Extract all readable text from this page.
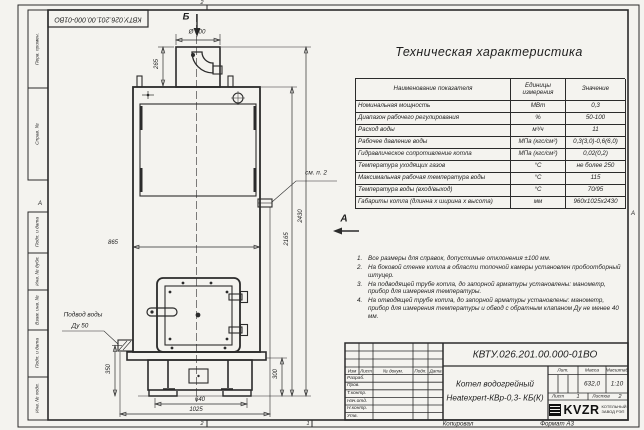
КВТУ.026.201.00.000-01ВО
Перв. примен.
Справ. №
Подп. и дата
Инв. № дубл.
Взам. инв. №
Подп. и дата
Инв. № подл.
2
2	1
А
А
Копировал	Формат А3
Б
Ø 300
265
865
350
640
1025
300
2165
2430
см. п. 2
Подвод воды
Ду 50
А
Техническая характеристика
Наименование показателя	Единицы измерения	Значение
Номинальная мощность	МВт	0,3
Диапазон рабочего регулирования	%	50-100
Расход воды	м³/ч	11
Рабочее давление воды	МПа (кгс/см²)	0,3(3,0)-0,6(6,0)
Гидравлическое сопротивление котла	МПа (кгс/см²)	0,02(0,2)
Температура уходящих газов	°С	не более 250
Максимальная рабочая температура воды	°С	115
Температура воды (вход/выход)	°С	70/95
Габариты котла (длинна х ширина х высота)	мм	960х1025х2430
1. Все размеры для справок, допустимые отклонения ±100 мм.
2. На боковой стенке котла в области топочной камеры установлен пробоотборный штуцер.
3. На подводящей трубе котла, до запорной арматуры установлены: манометр, прибор для измерения температуры.
4. На отводящей трубе котла, до запорной арматуры установлены: манометр, прибор для измерения температуры и обвод с обратным клапаном Ду не менее 40 мм.
КВТУ.026.201.00.000-01ВО
Котел водогрейный
Heatexpert-КВр-0,3- КБ(К)
Изм Лист № докум. Подп. Дата
Разраб.
Пров.
Т.контр.
Нач.отд.
Н.контр.
Утв.
Лит.	Масса Масштаб
632,0 1:10
Лист 1	Листов 2
KVZR КОТЕЛЬНЫЙ
ЗАВОД РЭП
